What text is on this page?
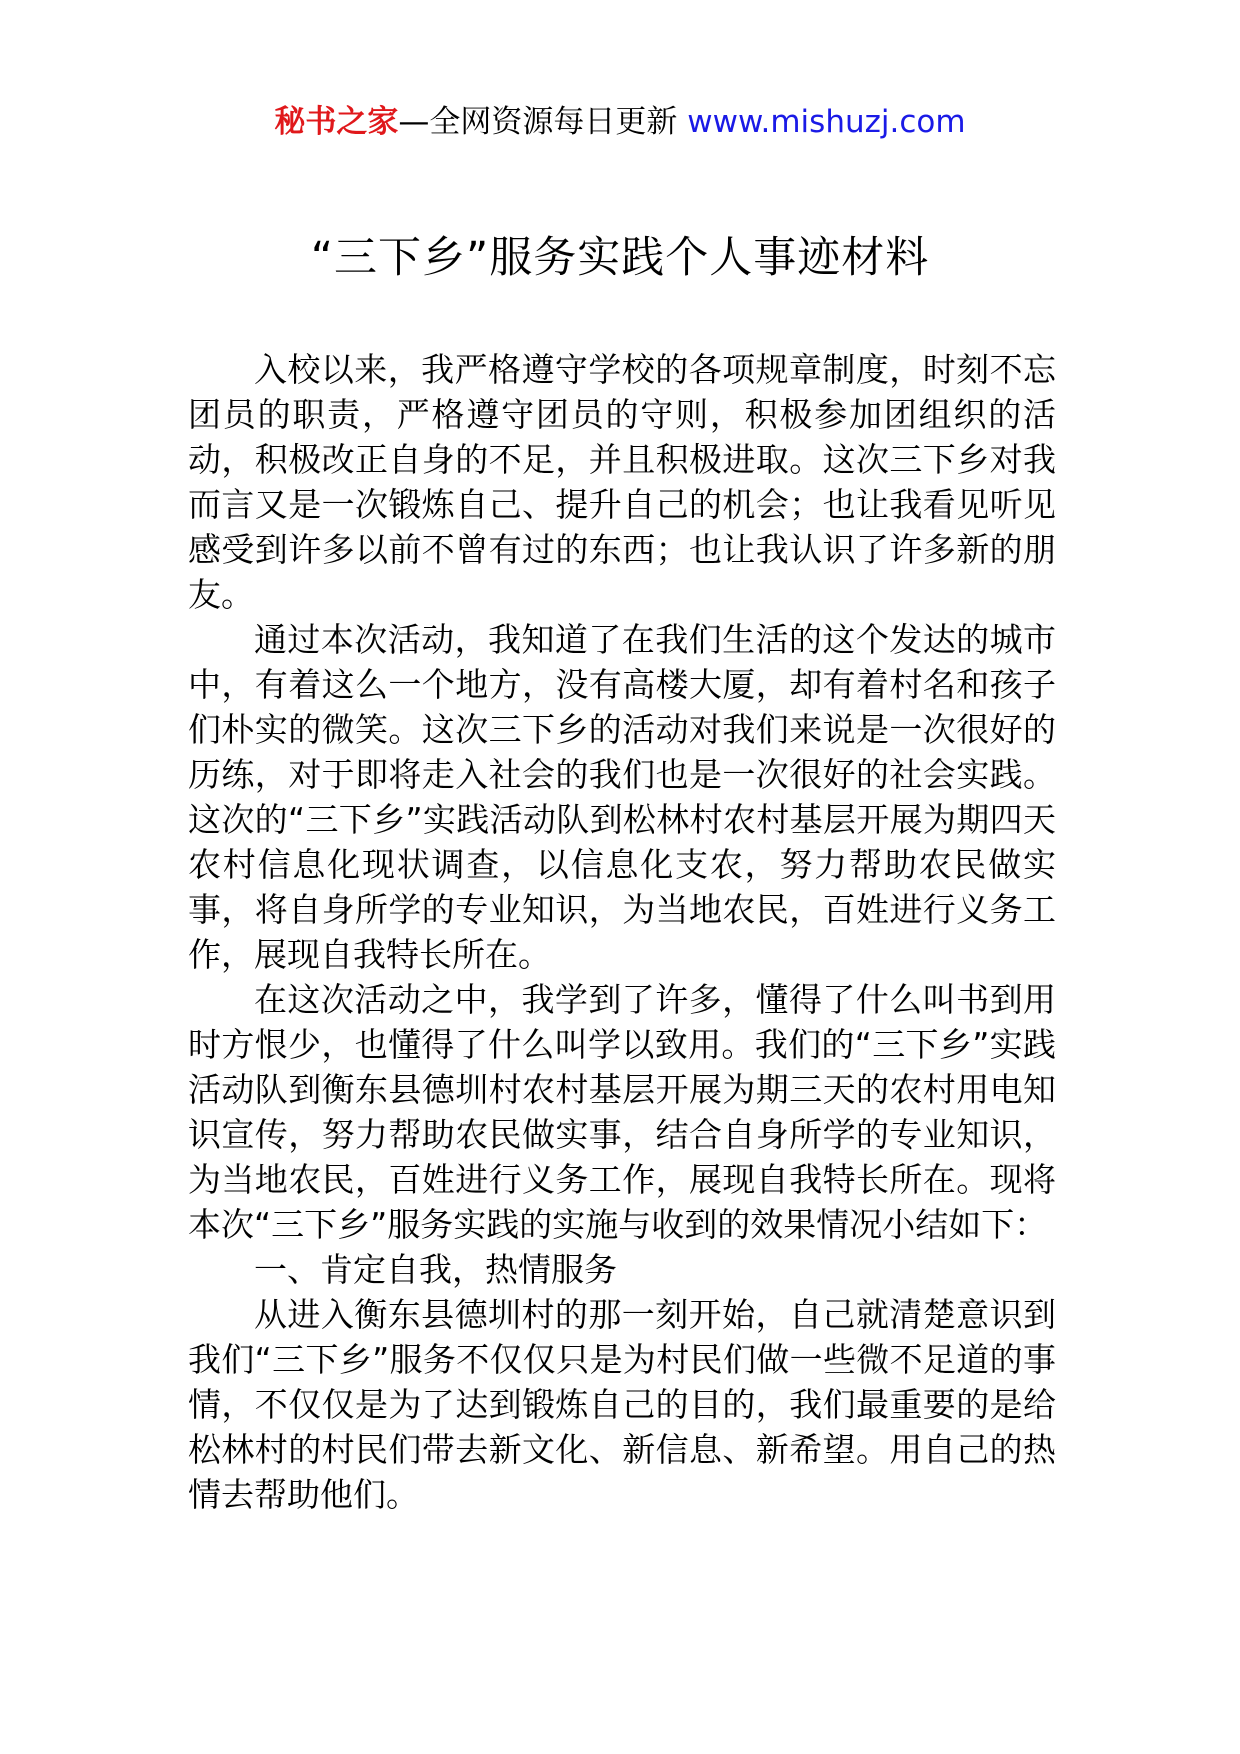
秘书之家—全网资源每日更新 www.mishuzj.com
“三下乡”服务实践个人事迹材料

入校以来，我严格遵守学校的各项规章制度，时刻不忘团员的职责，严格遵守团员的守则，积极参加团组织的活动，积极改正自身的不足，并且积极进取。这次三下乡对我而言又是一次锻炼自己、提升自己的机会；也让我看见听见感受到许多以前不曾有过的东西；也让我认识了许多新的朋友。

通过本次活动，我知道了在我们生活的这个发达的城市中，有着这么一个地方，没有高楼大厦，却有着村名和孩子们朴实的微笑。这次三下乡的活动对我们来说是一次很好的历练，对于即将走入社会的我们也是一次很好的社会实践。这次的“三下乡”实践活动队到松林村农村基层开展为期四天农村信息化现状调查，以信息化支农，努力帮助农民做实事，将自身所学的专业知识，为当地农民，百姓进行义务工作，展现自我特长所在。

在这次活动之中，我学到了许多，懂得了什么叫书到用时方恨少，也懂得了什么叫学以致用。我们的“三下乡”实践活动队到衡东县德圳村农村基层开展为期三天的农村用电知识宣传，努力帮助农民做实事，结合自身所学的专业知识，为当地农民，百姓进行义务工作，展现自我特长所在。现将本次“三下乡”服务实践的实施与收到的效果情况小结如下：

一、肯定自我，热情服务

从进入衡东县德圳村的那一刻开始，自己就清楚意识到我们“三下乡”服务不仅仅只是为村民们做一些微不足道的事情，不仅仅是为了达到锻炼自己的目的，我们最重要的是给松林村的村民们带去新文化、新信息、新希望。用自己的热情去帮助他们。
